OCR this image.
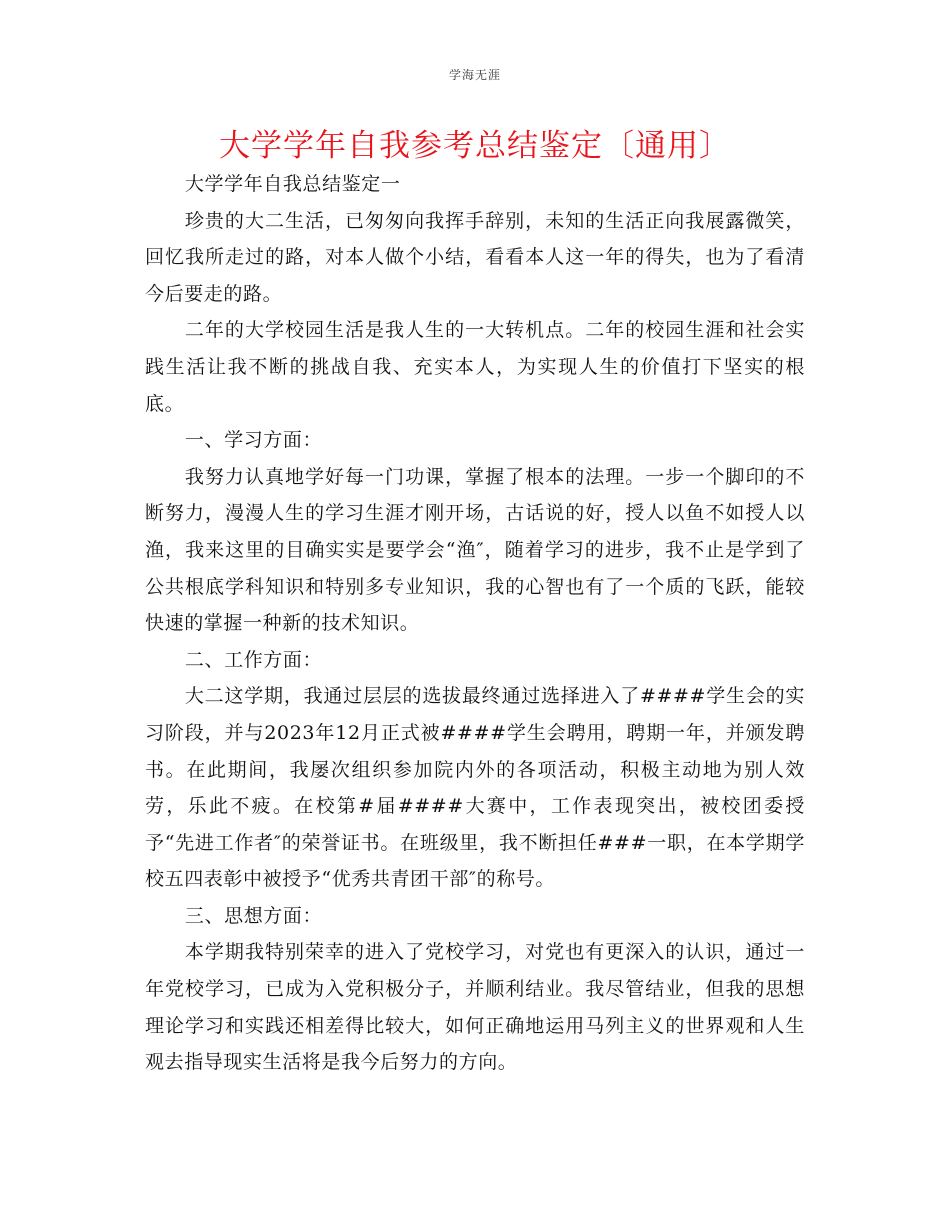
学海无涯
大学学年自我参考总结鉴定〔通用〕

大学学年自我总结鉴定一

珍贵的大二生活，已匆匆向我挥手辞别，未知的生活正向我展露微笑，回忆我所走过的路，对本人做个小结，看看本人这一年的得失，也为了看清今后要走的路。

二年的大学校园生活是我人生的一大转机点。二年的校园生涯和社会实践生活让我不断的挑战自我、充实本人，为实现人生的价值打下坚实的根底。

一、学习方面：

我努力认真地学好每一门功课，掌握了根本的法理。一步一个脚印的不断努力，漫漫人生的学习生涯才刚开场，古话说的好，授人以鱼不如授人以渔，我来这里的目确实实是要学会“渔″，随着学习的进步，我不止是学到了公共根底学科知识和特别多专业知识，我的心智也有了一个质的飞跃，能较快速的掌握一种新的技术知识。

二、工作方面：

大二这学期，我通过层层的选拔最终通过选择进入了####学生会的实习阶段，并与2023年12月正式被####学生会聘用，聘期一年，并颁发聘书。在此期间，我屡次组织参加院内外的各项活动，积极主动地为别人效劳，乐此不疲。在校第#届####大赛中，工作表现突出，被校团委授予“先进工作者″的荣誉证书。在班级里，我不断担任###一职，在本学期学校五四表彰中被授予“优秀共青团干部″的称号。

三、思想方面：

本学期我特别荣幸的进入了党校学习，对党也有更深入的认识，通过一年党校学习，已成为入党积极分子，并顺利结业。我尽管结业，但我的思想理论学习和实践还相差得比较大，如何正确地运用马列主义的世界观和人生观去指导现实生活将是我今后努力的方向。
